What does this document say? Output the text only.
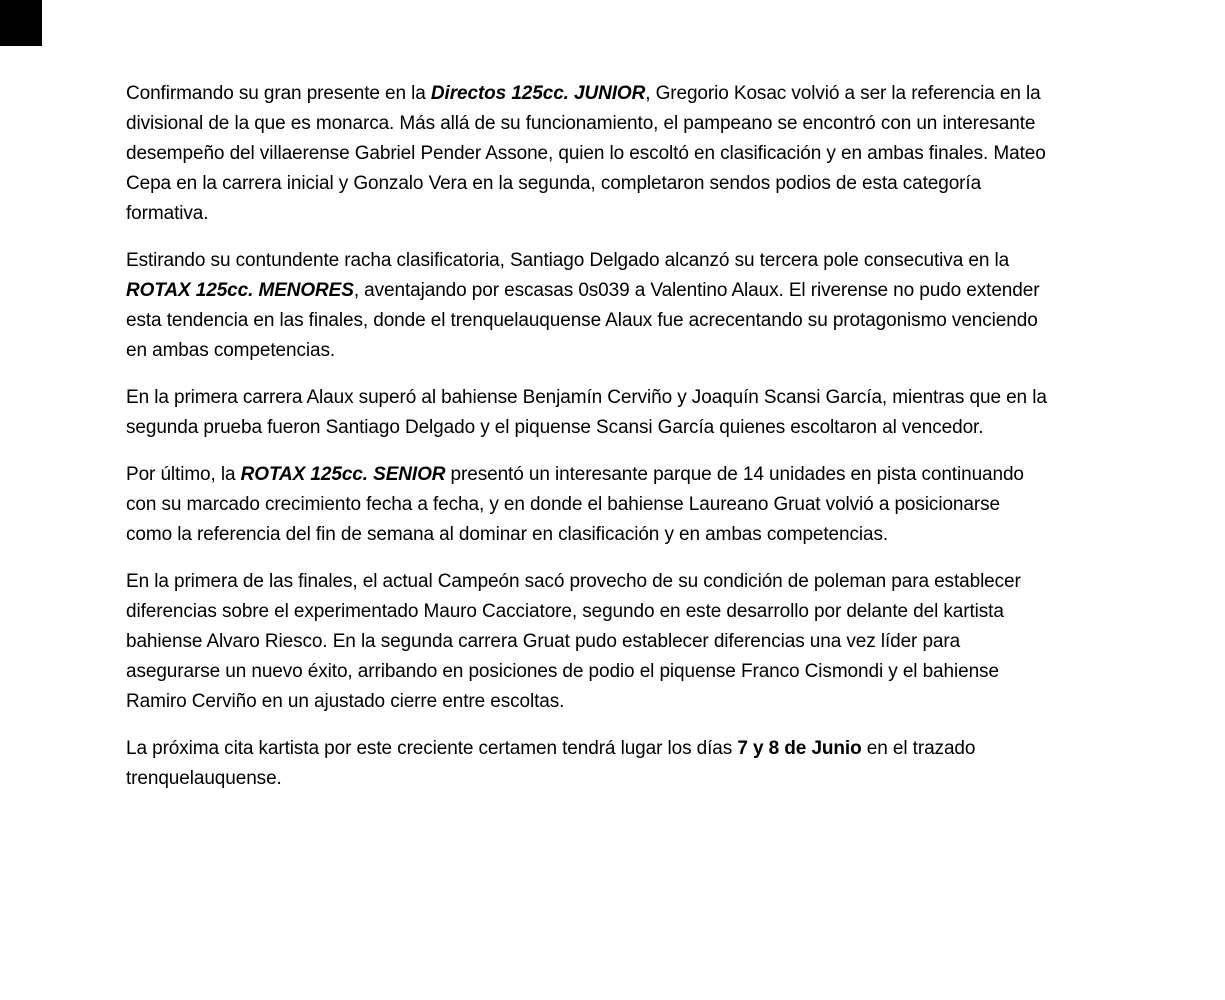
Confirmando su gran presente en la Directos 125cc. JUNIOR, Gregorio Kosac volvió a ser la referencia en la divisional de la que es monarca. Más allá de su funcionamiento, el pampeano se encontró con un interesante desempeño del villaerense Gabriel Pender Assone, quien lo escoltó en clasificación y en ambas finales. Mateo Cepa en la carrera inicial y Gonzalo Vera en la segunda, completaron sendos podios de esta categoría formativa.

Estirando su contundente racha clasificatoria, Santiago Delgado alcanzó su tercera pole consecutiva en la ROTAX 125cc. MENORES, aventajando por escasas 0s039 a Valentino Alaux. El riverense no pudo extender esta tendencia en las finales, donde el trenquelauquense Alaux fue acrecentando su protagonismo venciendo en ambas competencias.

En la primera carrera Alaux superó al bahiense Benjamín Cerviño y Joaquín Scansi García, mientras que en la segunda prueba fueron Santiago Delgado y el piquense Scansi García quienes escoltaron al vencedor.

Por último, la ROTAX 125cc. SENIOR presentó un interesante parque de 14 unidades en pista continuando con su marcado crecimiento fecha a fecha, y en donde el bahiense Laureano Gruat volvió a posicionarse como la referencia del fin de semana al dominar en clasificación y en ambas competencias.

En la primera de las finales, el actual Campeón sacó provecho de su condición de poleman para establecer diferencias sobre el experimentado Mauro Cacciatore, segundo en este desarrollo por delante del kartista bahiense Alvaro Riesco. En la segunda carrera Gruat pudo establecer diferencias una vez líder para asegurarse un nuevo éxito, arribando en posiciones de podio el piquense Franco Cismondi y el bahiense Ramiro Cerviño en un ajustado cierre entre escoltas.

La próxima cita kartista por este creciente certamen tendrá lugar los días 7 y 8 de Junio en el trazado trenquelauquense.
